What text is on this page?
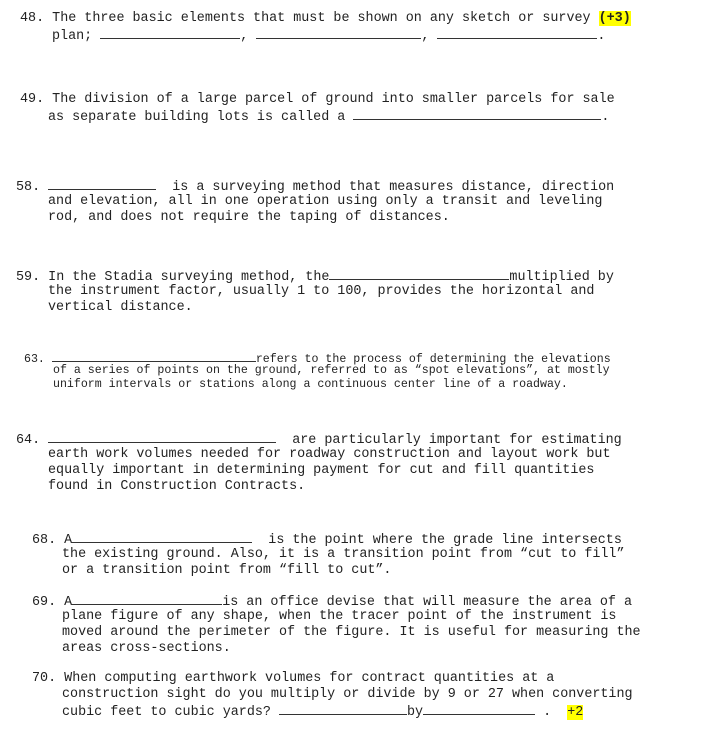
48. The three basic elements that must be shown on any sketch or survey (+3)
plan;	,	,	.
49. The division of a large parcel of ground into smaller parcels for sale
as separate building lots is called a	.
58.	is a surveying method that measures distance, direction
and elevation, all in one operation using only a transit and leveling
rod, and does not require the taping of distances.
59. In the Stadia surveying method, the	multiplied by
the instrument factor, usually 1 to 100, provides the horizontal and
vertical distance.
63.	refers to the process of determining the elevations
of a series of points on the ground, referred to as “spot elevations”, at mostly
uniform intervals or stations along a continuous center line of a roadway.
64.	are particularly important for estimating
earth work volumes needed for roadway construction and layout work but
equally important in determining payment for cut and fill quantities
found in Construction Contracts.
68. A	is the point where the grade line intersects
the existing ground. Also, it is a transition point from “cut to fill”
or a transition point from “fill to cut”.
69. A	is an office devise that will measure the area of a
plane figure of any shape, when the tracer point of the instrument is
moved around the perimeter of the figure. It is useful for measuring the
areas cross-sections.
70. When computing earthwork volumes for contract quantities at a
construction sight do you multiply or divide by 9 or 27 when converting
cubic feet to cubic yards?	by	. +2
